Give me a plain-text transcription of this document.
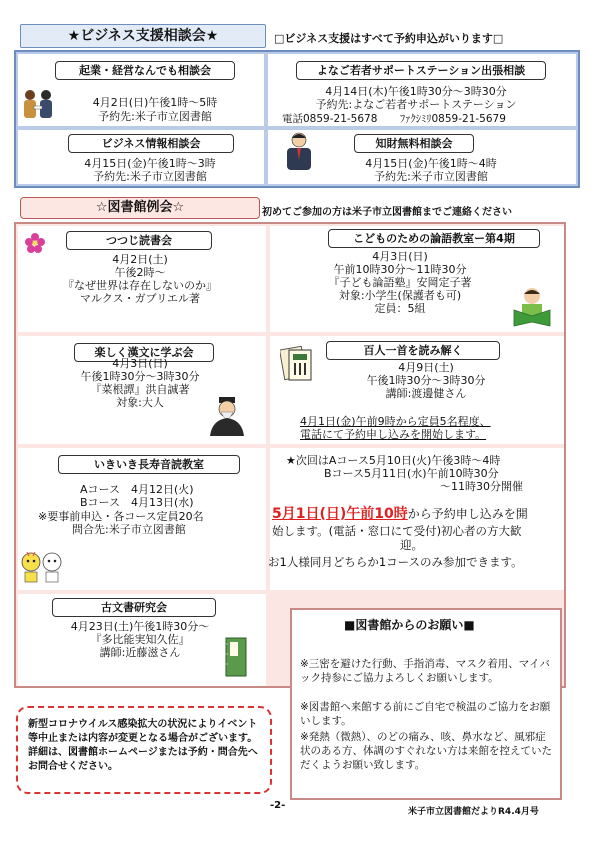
★ビジネス支援相談会★	□ビジネス支援はすべて予約申込がいります□
起業・経営なんでも相談会
4月2日(日)午後1時～5時
予約先:米子市立図書館
よなご若者サポートステーション出張相談
4月14日(木)午後1時30分～3時30分
予約先:よなご若者サポートステーション
電話0859-21-5678 ﾌｧｸｼﾐﾘ0859-21-5679
ビジネス情報相談会
4月15日(金)午後1時～3時
予約先:米子市立図書館
知財無料相談会
4月15日(金)午後1時～4時
予約先:米子市立図書館
☆図書館例会☆	初めてご参加の方は米子市立図書館までご連絡ください
つつじ読書会
4月2日(土)
午後2時～
『なぜ世界は存在しないのか』
マルクス・ガブリエル著
こどものための論語教室ー第4期
4月3日(日)
午前10時30分～11時30分
『子ども論語塾』安岡定子著
対象:小学生(保護者も可)
定員：5組
楽しく漢文に学ぶ会
4月3日(日)
午後1時30分～3時30分
『菜根譚』洪自誠著
対象:大人
百人一首を読み解く
4月9日(土)
午後1時30分～3時30分
講師:渡邊健さん
4月1日(金)午前9時から定員5名程度、
電話にて予約申し込みを開始します。
いきいき長寿音読教室
Aコース　4月12日(火)
Bコース　4月13日(水)
※要事前申込・各コース定員20名
問合先:米子市立図書館
★次回はAコース5月10日(火)午後3時～4時
Bコース5月11日(水)午前10時30分
～11時30分開催
5月1日(日)午前10時から予約申し込みを開
始します。(電話・窓口にて受付)初心者の方大歓
迎。
お1人様同月どちらか1コースのみ参加できます。
古文書研究会
4月23日(土)午後1時30分～
『多比能実知久佐』
講師:近藤滋さん
■図書館からのお願い■
※三密を避けた行動、手指消毒、マスク着用、マイバック持参にご協力よろしくお願いします。
※図書館へ来館する前にご自宅で検温のご協力をお願いします。
※発熱（微熱）、のどの痛み、咳、鼻水など、風邪症状のある方、体調のすぐれない方は来館を控えていただくようお願い致します。
新型コロナウイルス感染拡大の状況によりイベント等中止または内容が変更となる場合がございます。詳細は、図書館ホームページまたは予約・問合先へお問合せください。
-2-
米子市立図書館だよりR4.4月号
